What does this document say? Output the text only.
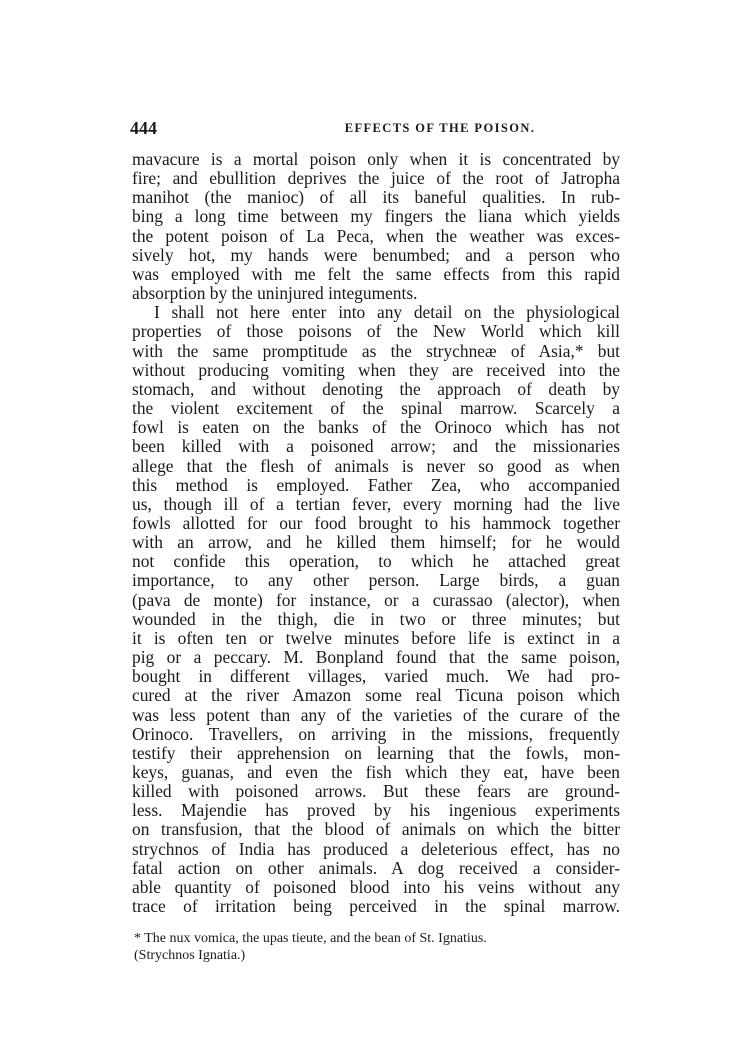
444	EFFECTS OF THE POISON.
mavacure is a mortal poison only when it is concentrated by
fire; and ebullition deprives the juice of the root of Jatropha
manihot (the manioc) of all its baneful qualities. In rub-
bing a long time between my fingers the liana which yields
the potent poison of La Peca, when the weather was exces-
sively hot, my hands were benumbed; and a person who
was employed with me felt the same effects from this rapid
absorption by the uninjured integuments.
I shall not here enter into any detail on the physiological
properties of those poisons of the New World which kill
with the same promptitude as the strychneæ of Asia,* but
without producing vomiting when they are received into the
stomach, and without denoting the approach of death by
the violent excitement of the spinal marrow. Scarcely a
fowl is eaten on the banks of the Orinoco which has not
been killed with a poisoned arrow; and the missionaries
allege that the flesh of animals is never so good as when
this method is employed. Father Zea, who accompanied
us, though ill of a tertian fever, every morning had the live
fowls allotted for our food brought to his hammock together
with an arrow, and he killed them himself; for he would
not confide this operation, to which he attached great
importance, to any other person. Large birds, a guan
(pava de monte) for instance, or a curassao (alector), when
wounded in the thigh, die in two or three minutes; but
it is often ten or twelve minutes before life is extinct in a
pig or a peccary. M. Bonpland found that the same poison,
bought in different villages, varied much. We had pro-
cured at the river Amazon some real Ticuna poison which
was less potent than any of the varieties of the curare of the
Orinoco. Travellers, on arriving in the missions, frequently
testify their apprehension on learning that the fowls, mon-
keys, guanas, and even the fish which they eat, have been
killed with poisoned arrows. But these fears are ground-
less. Majendie has proved by his ingenious experiments
on transfusion, that the blood of animals on which the bitter
strychnos of India has produced a deleterious effect, has no
fatal action on other animals. A dog received a consider-
able quantity of poisoned blood into his veins without any
trace of irritation being perceived in the spinal marrow.
* The nux vomica, the upas tieute, and the bean of St. Ignatius.
(Strychnos Ignatia.)
